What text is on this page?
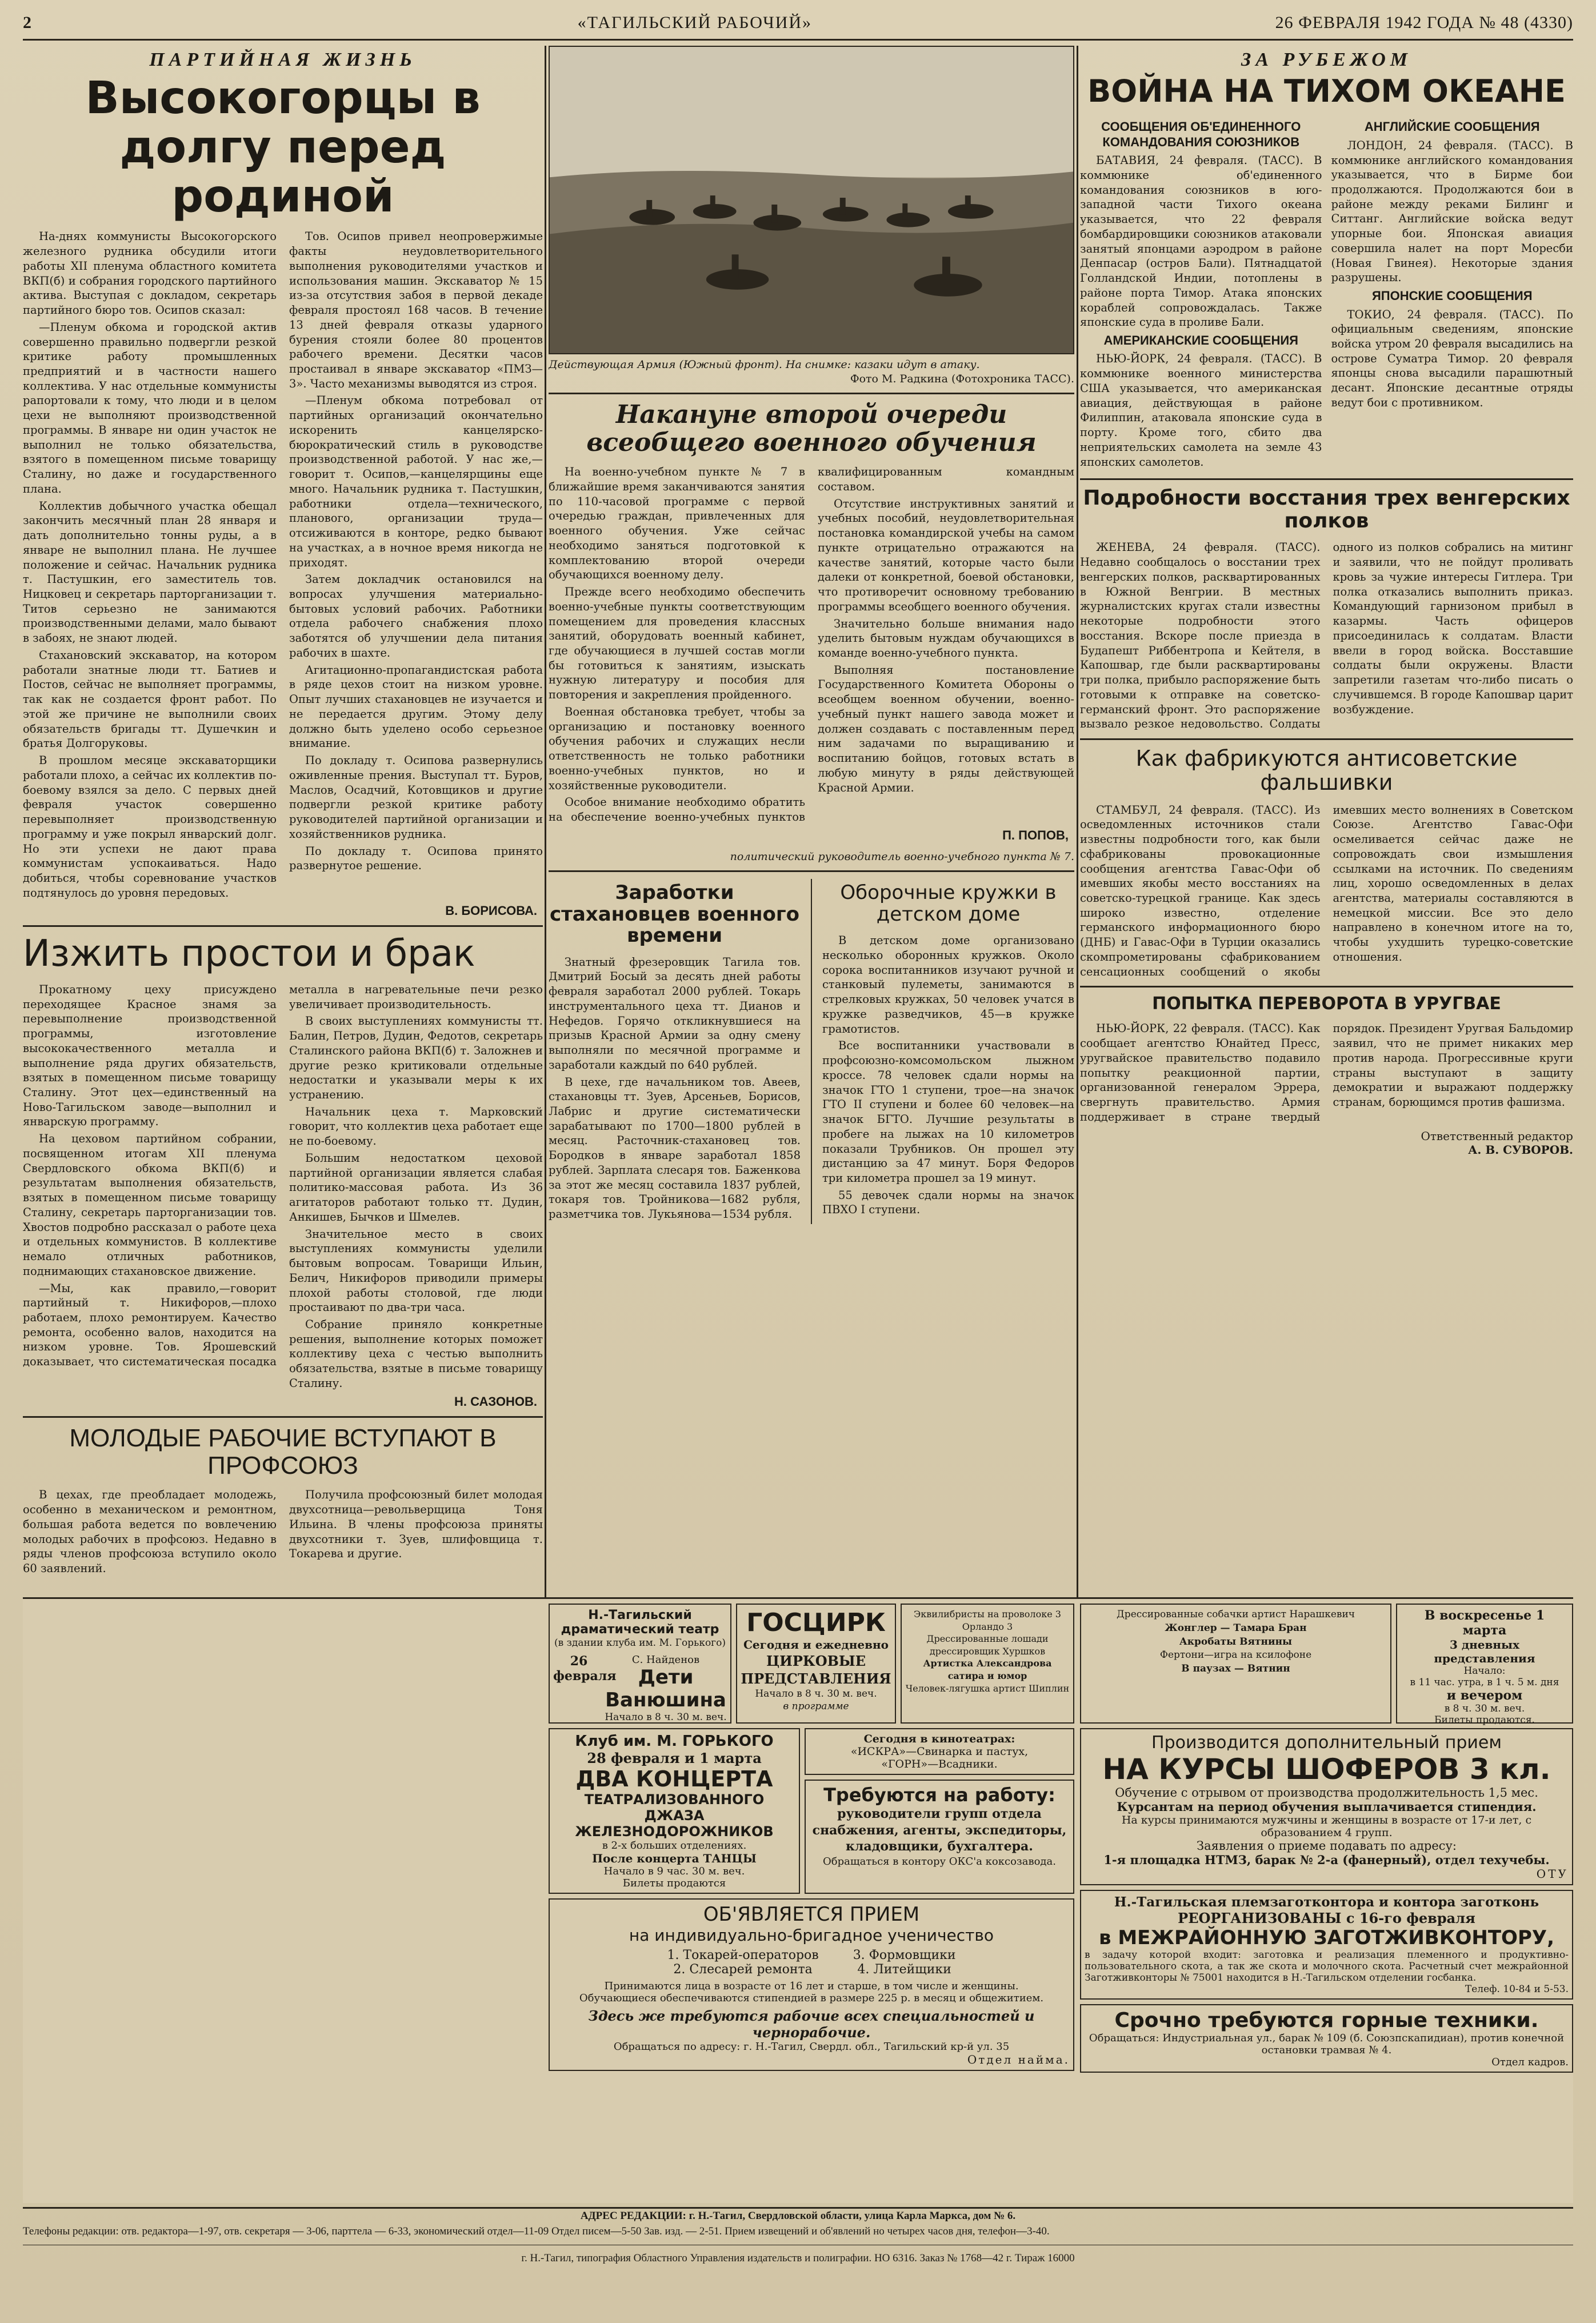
2	«ТАГИЛЬСКИЙ РАБОЧИЙ»	26 ФЕВРАЛЯ 1942 ГОДА № 48 (4330)
ПАРТИЙНАЯ ЖИЗНЬ
Высокогорцы в долгу перед родиной

На-днях коммунисты Высокогорского железного рудника обсудили итоги работы XII пленума областного комитета ВКП(б) и собрания городского партийного актива. Выступая с докладом, секретарь партийного бюро тов. Осипов сказал:

—Пленум обкома и городской актив совершенно правильно подвергли резкой критике работу промышленных предприятий и в частности нашего коллектива. У нас отдельные коммунисты рапортовали к тому, что люди и в целом цехи не выполняют производственной программы. В январе ни один участок не выполнил не только обязательства, взятого в помещенном письме товарищу Сталину, но даже и государственного плана.

Коллектив добычного участка обещал закончить месячный план 28 января и дать дополнительно тонны руды, а в январе не выполнил плана. Не лучшее положение и сейчас. Начальник рудника т. Пастушкин, его заместитель тов. Ницковец и секретарь парторганизации т. Титов серьезно не занимаются производственными делами, мало бывают в забоях, не знают людей.

Стахановский экскаватор, на котором работали знатные люди тт. Батиев и Постов, сейчас не выполняет программы, так как не создается фронт работ. По этой же причине не выполнили своих обязательств бригады тт. Душечкин и братья Долгоруковы.

В прошлом месяце экскаваторщики работали плохо, а сейчас их коллектив по-боевому взялся за дело. С первых дней февраля участок совершенно перевыполняет производственную программу и уже покрыл январский долг. Но эти успехи не дают права коммунистам успокаиваться. Надо добиться, чтобы соревнование участков подтянулось до уровня передовых.

Тов. Осипов привел неопровержимые факты неудовлетворительного выполнения руководителями участков и использования машин. Экскаватор № 15 из-за отсутствия забоя в первой декаде февраля простоял 168 часов. В течение 13 дней февраля отказы ударного бурения стояли более 80 процентов рабочего времени. Десятки часов простаивал в январе экскаватор «ПМЗ—3». Часто механизмы выводятся из строя.

—Пленум обкома потребовал от партийных организаций окончательно искоренить канцелярско-бюрократический стиль в руководстве производственной работой. У нас же,—говорит т. Осипов,—канцелярщины еще много. Начальник рудника т. Пастушкин, работники отдела—технического, планового, организации труда—отсиживаются в конторе, редко бывают на участках, а в ночное время никогда не приходят.

Затем докладчик остановился на вопросах улучшения материально-бытовых условий рабочих. Работники отдела рабочего снабжения плохо заботятся об улучшении дела питания рабочих в шахте.

Агитационно-пропагандистская работа в ряде цехов стоит на низком уровне. Опыт лучших стахановцев не изучается и не передается другим. Этому делу должно быть уделено особо серьезное внимание.

По докладу т. Осипова развернулись оживленные прения. Выступал тт. Буров, Маслов, Осадчий, Котовщиков и другие подвергли резкой критике работу руководителей партийной организации и хозяйственников рудника.

По докладу т. Осипова принято развернутое решение.

В. БОРИСОВА.
Изжить простои и брак

Прокатному цеху присуждено переходящее Красное знамя за перевыполнение производственной программы, изготовление высококачественного металла и выполнение ряда других обязательств, взятых в помещенном письме товарищу Сталину. Этот цех—единственный на Ново-Тагильском заводе—выполнил и январскую программу.

На цеховом партийном собрании, посвященном итогам XII пленума Свердловского обкома ВКП(б) и результатам выполнения обязательств, взятых в помещенном письме товарищу Сталину, секретарь парторганизации тов. Хвостов подробно рассказал о работе цеха и отдельных коммунистов. В коллективе немало отличных работников, поднимающих стахановское движение.

—Мы, как правило,—говорит партийный т. Никифоров,—плохо работаем, плохо ремонтируем. Качество ремонта, особенно валов, находится на низком уровне. Тов. Ярошевский доказывает, что систематическая посадка металла в нагревательные печи резко увеличивает производительность.

В своих выступлениях коммунисты тт. Балин, Петров, Дудин, Федотов, секретарь Сталинского района ВКП(б) т. Заложнев и другие резко критиковали отдельные недостатки и указывали меры к их устранению.

Начальник цеха т. Марковский говорит, что коллектив цеха работает еще не по-боевому.

Большим недостатком цеховой партийной организации является слабая политико-массовая работа. Из 36 агитаторов работают только тт. Дудин, Анкишев, Бычков и Шмелев.

Значительное место в своих выступлениях коммунисты уделили бытовым вопросам. Товарищи Ильин, Белич, Никифоров приводили примеры плохой работы столовой, где люди простаивают по два-три часа.

Собрание приняло конкретные решения, выполнение которых поможет коллективу цеха с честью выполнить обязательства, взятые в письме товарищу Сталину.

Н. САЗОНОВ.
МОЛОДЫЕ РАБОЧИЕ ВСТУПАЮТ В ПРОФСОЮЗ

В цехах, где преобладает молодежь, особенно в механическом и ремонтном, большая работа ведется по вовлечению молодых рабочих в профсоюз. Недавно в ряды членов профсоюза вступило около 60 заявлений.

Получила профсоюзный билет молодая двухсотница—револьверщица Тоня Ильина. В члены профсоюза приняты двухсотники т. Зуев, шлифовщица т. Токарева и другие.

Действующая Армия (Южный фронт). На снимке: казаки идут в атаку.
Фото М. Радкина (Фотохроника ТАСС).
Накануне второй очереди всеобщего военного обучения

На военно-учебном пункте № 7 в ближайшие время заканчиваются занятия по 110-часовой программе с первой очередью граждан, привлеченных для военного обучения. Уже сейчас необходимо заняться подготовкой к комплектованию второй очереди обучающихся военному делу.

Прежде всего необходимо обеспечить военно-учебные пункты соответствующим помещением для проведения классных занятий, оборудовать военный кабинет, где обучающиеся в лучшей состав могли бы готовиться к занятиям, изыскать нужную литературу и пособия для повторения и закрепления пройденного.

Военная обстановка требует, чтобы за организацию и постановку военного обучения рабочих и служащих несли ответственность не только работники военно-учебных пунктов, но и хозяйственные руководители.

Особое внимание необходимо обратить на обеспечение военно-учебных пунктов квалифицированным командным составом.

Отсутствие инструктивных занятий и учебных пособий, неудовлетворительная постановка командирской учебы на самом пункте отрицательно отражаются на качестве занятий, которые часто были далеки от конкретной, боевой обстановки, что противоречит основному требованию программы всеобщего военного обучения.

Значительно больше внимания надо уделить бытовым нуждам обучающихся в команде военно-учебного пункта.

Выполняя постановление Государственного Комитета Обороны о всеобщем военном обучении, военно-учебный пункт нашего завода может и должен создавать с поставленным перед ним задачами по выращиванию и воспитанию бойцов, готовых встать в любую минуту в ряды действующей Красной Армии.

П. ПОПОВ,
политический руководитель военно-учебного пункта № 7.
Заработки стахановцев военного времени

Знатный фрезеровщик Тагила тов. Дмитрий Босый за десять дней работы февраля заработал 2000 рублей. Токарь инструментального цеха тт. Дианов и Нефедов. Горячо откликнувшиеся на призыв Красной Армии за одну смену выполняли по месячной программе и заработали каждый по 640 рублей.

В цехе, где начальником тов. Авеев, стахановцы тт. Зуев, Арсеньев, Борисов, Лабрис и другие систематически зарабатывают по 1700—1800 рублей в месяц. Расточник-стахановец тов. Бородков в январе заработал 1858 рублей. Зарплата слесаря тов. Баженкова за этот же месяц составила 1837 рублей, токаря тов. Тройникова—1682 рубля, разметчика тов. Лукьянова—1534 рубля.

Оборочные кружки в детском доме

В детском доме организовано несколько оборонных кружков. Около сорока воспитанников изучают ручной и станковый пулеметы, занимаются в стрелковых кружках, 50 человек учатся в кружке разведчиков, 45—в кружке грамотистов.

Все воспитанники участвовали в профсоюзно-комсомольском лыжном кроссе. 78 человек сдали нормы на значок ГТО 1 ступени, трое—на значок ГТО II ступени и более 60 человек—на значок БГТО. Лучшие результаты в пробеге на лыжах на 10 километров показали Трубников. Он прошел эту дистанцию за 47 минут. Боря Федоров три километра прошел за 19 минут.

55 девочек сдали нормы на значок ПВХО I ступени.

ЗА РУБЕЖОМ
ВОЙНА НА ТИХОМ ОКЕАНЕ
СООБЩЕНИЯ ОБ'ЕДИНЕННОГО КОМАНДОВАНИЯ СОЮЗНИКОВ

БАТАВИЯ, 24 февраля. (ТАСС). В коммюнике об'единенного командования союзников в юго-западной части Тихого океана указывается, что 22 февраля бомбардировщики союзников атаковали занятый японцами аэродром в районе Денпасар (остров Бали). Пятнадцатой Голландской Индии, потоплены в районе порта Тимор. Атака японских кораблей сопровождалась. Также японские суда в проливе Бали.

АМЕРИКАНСКИЕ СООБЩЕНИЯ

НЬЮ-ЙОРК, 24 февраля. (ТАСС). В коммюнике военного министерства США указывается, что американская авиация, действующая в районе Филиппин, атаковала японские суда в порту. Кроме того, сбито два неприятельских самолета на земле 43 японских самолетов.

АНГЛИЙСКИЕ СООБЩЕНИЯ

ЛОНДОН, 24 февраля. (ТАСС). В коммюнике английского командования указывается, что в Бирме бои продолжаются. Продолжаются бои в районе между реками Билинг и Ситтанг. Английские войска ведут упорные бои. Японская авиация совершила налет на порт Моресби (Новая Гвинея). Некоторые здания разрушены.

ЯПОНСКИЕ СООБЩЕНИЯ

ТОКИО, 24 февраля. (ТАСС). По официальным сведениям, японские войска утром 20 февраля высадились на острове Суматра Тимор. 20 февраля японцы снова высадили парашютный десант. Японские десантные отряды ведут бои с противником.

Подробности восстания трех венгерских полков

ЖЕНЕВА, 24 февраля. (ТАСС). Недавно сообщалось о восстании трех венгерских полков, расквартированных в Южной Венгрии. В местных журналистских кругах стали известны некоторые подробности этого восстания. Вскоре после приезда в Будапешт Риббентропа и Кейтеля, в Капошвар, где были расквартированы три полка, прибыло распоряжение быть готовыми к отправке на советско-германский фронт. Это распоряжение вызвало резкое недовольство. Солдаты одного из полков собрались на митинг и заявили, что не пойдут проливать кровь за чужие интересы Гитлера. Три полка отказались выполнить приказ. Командующий гарнизоном прибыл в казармы. Часть офицеров присоединилась к солдатам. Власти ввели в город войска. Восставшие солдаты были окружены. Власти запретили газетам что-либо писать о случившемся. В городе Капошвар царит возбуждение.

Как фабрикуются антисоветские фальшивки

СТАМБУЛ, 24 февраля. (ТАСС). Из осведомленных источников стали известны подробности того, как были сфабрикованы провокационные сообщения агентства Гавас-Офи об имевших якобы место восстаниях на советско-турецкой границе. Как здесь широко известно, отделение германского информационного бюро (ДНБ) и Гавас-Офи в Турции оказались скомпрометированы сфабрикованием сенсационных сообщений о якобы имевших место волнениях в Советском Союзе. Агентство Гавас-Офи осмеливается сейчас даже не сопровождать свои измышления ссылками на источник. По сведениям лиц, хорошо осведомленных в делах агентства, материалы составляются в немецкой миссии. Все это дело направлено в конечном итоге на то, чтобы ухудшить турецко-советские отношения.

ПОПЫТКА ПЕРЕВОРОТА В УРУГВАЕ

НЬЮ-ЙОРК, 22 февраля. (ТАСС). Как сообщает агентство Юнайтед Пресс, уругвайское правительство подавило попытку реакционной партии, организованной генералом Эррера, свергнуть правительство. Армия поддерживает в стране твердый порядок. Президент Уругвая Бальдомир заявил, что не примет никаких мер против народа. Прогрессивные круги страны выступают в защиту демократии и выражают поддержку странам, борющимся против фашизма.

Ответственный редактор
А. В. СУВОРОВ.
Н.-Тагильский драматический театр
(в здании клуба им. М. Горького)
26 февраля
С. Найденов
Дети Ванюшина
Начало в 8 ч. 30 м. веч.
ГОСЦИРК
Сегодня и ежедневно
ЦИРКОВЫЕ ПРЕДСТАВЛЕНИЯ
Начало в 8 ч. 30 м. веч.
в программе
Эквилибристы на проволоке 3 Орландо 3
Дрессированные лошади дрессировщик Хуршков
Артистка Александрова сатира и юмор
Человек-лягушка артист Шиплин
Клуб им. М. ГОРЬКОГО
28 февраля и 1 марта
ДВА КОНЦЕРТА
ТЕАТРАЛИЗОВАННОГО ДЖАЗА ЖЕЛЕЗНОДОРОЖНИКОВ
в 2-х больших отделениях.
После концерта ТАНЦЫ
Начало в 9 час. 30 м. веч.
Билеты продаются
Сегодня в кинотеатрах:
«ИСКРА»—Свинарка и пастух,
«ГОРН»—Всадники.
Требуются на работу:
руководители групп отдела снабжения, агенты, экспедиторы, кладовщики, бухгалтера.
Обращаться в контору ОКС'а коксозавода.
ОБ'ЯВЛЯЕТСЯ ПРИЕМ
на индивидуально-бригадное ученичество
1. Токарей-операторов
2. Слесарей ремонта
3. Формовщики
4. Литейщики
Принимаются лица в возрасте от 16 лет и старше, в том числе и женщины.
Обучающиеся обеспечиваются стипендией в размере 225 р. в месяц и общежитием.
Здесь же требуются рабочие всех специальностей и чернорабочие.
Обращаться по адресу: г. Н.-Тагил, Свердл. обл., Тагильский кр-й ул. 35
Отдел найма.
Дрессированные собачки артист Нарашкевич
Жонглер — Тамара Бран
Акробаты Вятнины
Фертони—игра на ксилофоне
В паузах — Вятнин
В воскресенье 1 марта
3 дневных представления
Начало:
в 11 час. утра, в 1 ч. 5 м. дня
и вечером
в 8 ч. 30 м. веч.
Билеты продаются.
Производится дополнительный прием
НА КУРСЫ ШОФЕРОВ 3 кл.
Обучение с отрывом от производства продолжительность 1,5 мес.
Курсантам на период обучения выплачивается стипендия.
На курсы принимаются мужчины и женщины в возрасте от 17-и лет, с образованием 4 групп.
Заявления о приеме подавать по адресу:
1-я площадка НТМЗ, барак № 2-а (фанерный), отдел техучебы.
ОТУ
Н.-Тагильская племзаготконтора и контора заготконь
РЕОРГАНИЗОВАНЫ с 16-го февраля
в МЕЖРАЙОННУЮ ЗАГОТЖИВКОНТОРУ,
в задачу которой входит: заготовка и реализация племенного и продуктивно-пользовательного скота, а так же скота и молочного скота. Расчетный счет межрайонной Заготживконторы № 75001 находится в Н.-Тагильском отделении госбанка.
Телеф. 10-84 и 5-53.
Срочно требуются горные техники.
Обращаться: Индустриальная ул., барак № 109 (б. Союзпскапидиан), против конечной остановки трамвая № 4.
Отдел кадров.
АДРЕС РЕДАКЦИИ: г. Н.-Тагил, Свердловской области, улица Карла Маркса, дом № 6.
Телефоны редакции: отв. редактора—1-97, отв. секретаря — 3-06, парттела — 6-33, экономический отдел—11-09 Отдел писем—5-50 Зав. изд. — 2-51. Прием извещений и об'явлений но четырех часов дня, телефон—3-40.
г. Н.-Тагил, типография Областного Управления издательств и полиграфии. НО 6316. Заказ № 1768—42 г. Тираж 16000
